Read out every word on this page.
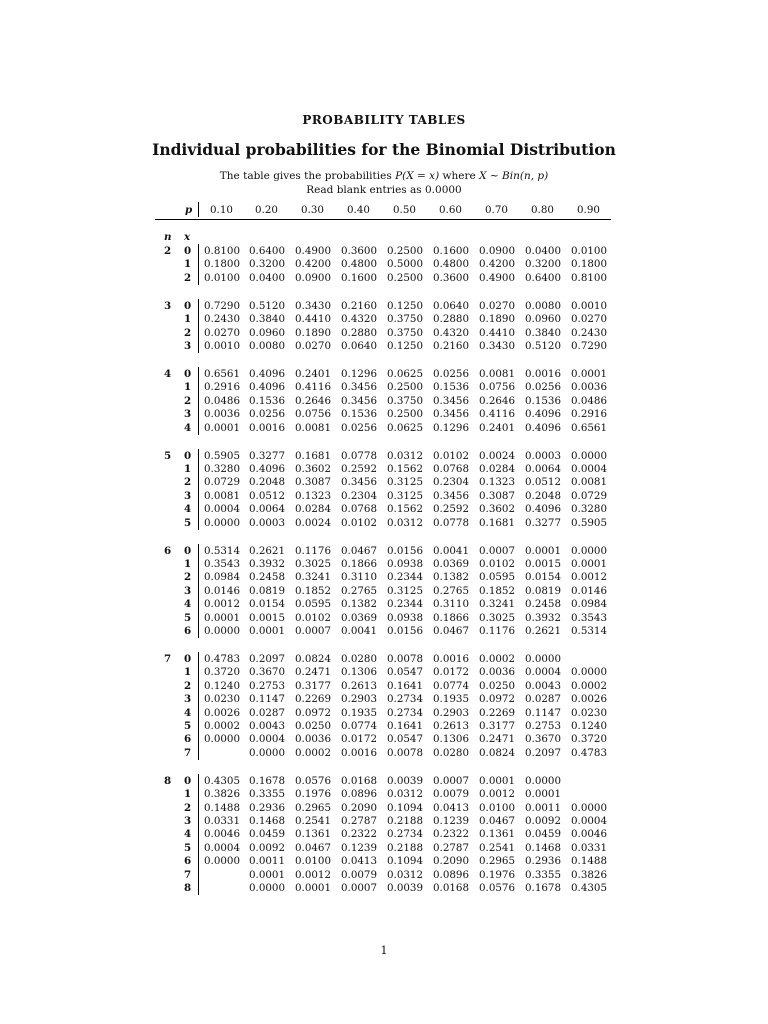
PROBABILITY TABLES
Individual probabilities for the Binomial Distribution
The table gives the probabilities P(X = x) where X ∼ Bin(n, p)
Read blank entries as 0.0000
p 0.10 0.20 0.30 0.40 0.50 0.60 0.70 0.80 0.90
n x
2 0 0.8100 0.6400 0.4900 0.3600 0.2500 0.1600 0.0900 0.0400 0.0100
1 0.1800 0.3200 0.4200 0.4800 0.5000 0.4800 0.4200 0.3200 0.1800
2 0.0100 0.0400 0.0900 0.1600 0.2500 0.3600 0.4900 0.6400 0.8100
3 0 0.7290 0.5120 0.3430 0.2160 0.1250 0.0640 0.0270 0.0080 0.0010
1 0.2430 0.3840 0.4410 0.4320 0.3750 0.2880 0.1890 0.0960 0.0270
2 0.0270 0.0960 0.1890 0.2880 0.3750 0.4320 0.4410 0.3840 0.2430
3 0.0010 0.0080 0.0270 0.0640 0.1250 0.2160 0.3430 0.5120 0.7290
4 0 0.6561 0.4096 0.2401 0.1296 0.0625 0.0256 0.0081 0.0016 0.0001
1 0.2916 0.4096 0.4116 0.3456 0.2500 0.1536 0.0756 0.0256 0.0036
2 0.0486 0.1536 0.2646 0.3456 0.3750 0.3456 0.2646 0.1536 0.0486
3 0.0036 0.0256 0.0756 0.1536 0.2500 0.3456 0.4116 0.4096 0.2916
4 0.0001 0.0016 0.0081 0.0256 0.0625 0.1296 0.2401 0.4096 0.6561
5 0 0.5905 0.3277 0.1681 0.0778 0.0312 0.0102 0.0024 0.0003 0.0000
1 0.3280 0.4096 0.3602 0.2592 0.1562 0.0768 0.0284 0.0064 0.0004
2 0.0729 0.2048 0.3087 0.3456 0.3125 0.2304 0.1323 0.0512 0.0081
3 0.0081 0.0512 0.1323 0.2304 0.3125 0.3456 0.3087 0.2048 0.0729
4 0.0004 0.0064 0.0284 0.0768 0.1562 0.2592 0.3602 0.4096 0.3280
5 0.0000 0.0003 0.0024 0.0102 0.0312 0.0778 0.1681 0.3277 0.5905
6 0 0.5314 0.2621 0.1176 0.0467 0.0156 0.0041 0.0007 0.0001 0.0000
1 0.3543 0.3932 0.3025 0.1866 0.0938 0.0369 0.0102 0.0015 0.0001
2 0.0984 0.2458 0.3241 0.3110 0.2344 0.1382 0.0595 0.0154 0.0012
3 0.0146 0.0819 0.1852 0.2765 0.3125 0.2765 0.1852 0.0819 0.0146
4 0.0012 0.0154 0.0595 0.1382 0.2344 0.3110 0.3241 0.2458 0.0984
5 0.0001 0.0015 0.0102 0.0369 0.0938 0.1866 0.3025 0.3932 0.3543
6 0.0000 0.0001 0.0007 0.0041 0.0156 0.0467 0.1176 0.2621 0.5314
7 0 0.4783 0.2097 0.0824 0.0280 0.0078 0.0016 0.0002 0.0000
1 0.3720 0.3670 0.2471 0.1306 0.0547 0.0172 0.0036 0.0004 0.0000
2 0.1240 0.2753 0.3177 0.2613 0.1641 0.0774 0.0250 0.0043 0.0002
3 0.0230 0.1147 0.2269 0.2903 0.2734 0.1935 0.0972 0.0287 0.0026
4 0.0026 0.0287 0.0972 0.1935 0.2734 0.2903 0.2269 0.1147 0.0230
5 0.0002 0.0043 0.0250 0.0774 0.1641 0.2613 0.3177 0.2753 0.1240
6 0.0000 0.0004 0.0036 0.0172 0.0547 0.1306 0.2471 0.3670 0.3720
7	0.0000 0.0002 0.0016 0.0078 0.0280 0.0824 0.2097 0.4783
8 0 0.4305 0.1678 0.0576 0.0168 0.0039 0.0007 0.0001 0.0000
1 0.3826 0.3355 0.1976 0.0896 0.0312 0.0079 0.0012 0.0001
2 0.1488 0.2936 0.2965 0.2090 0.1094 0.0413 0.0100 0.0011 0.0000
3 0.0331 0.1468 0.2541 0.2787 0.2188 0.1239 0.0467 0.0092 0.0004
4 0.0046 0.0459 0.1361 0.2322 0.2734 0.2322 0.1361 0.0459 0.0046
5 0.0004 0.0092 0.0467 0.1239 0.2188 0.2787 0.2541 0.1468 0.0331
6 0.0000 0.0011 0.0100 0.0413 0.1094 0.2090 0.2965 0.2936 0.1488
7	0.0001 0.0012 0.0079 0.0312 0.0896 0.1976 0.3355 0.3826
8	0.0000 0.0001 0.0007 0.0039 0.0168 0.0576 0.1678 0.4305
1
